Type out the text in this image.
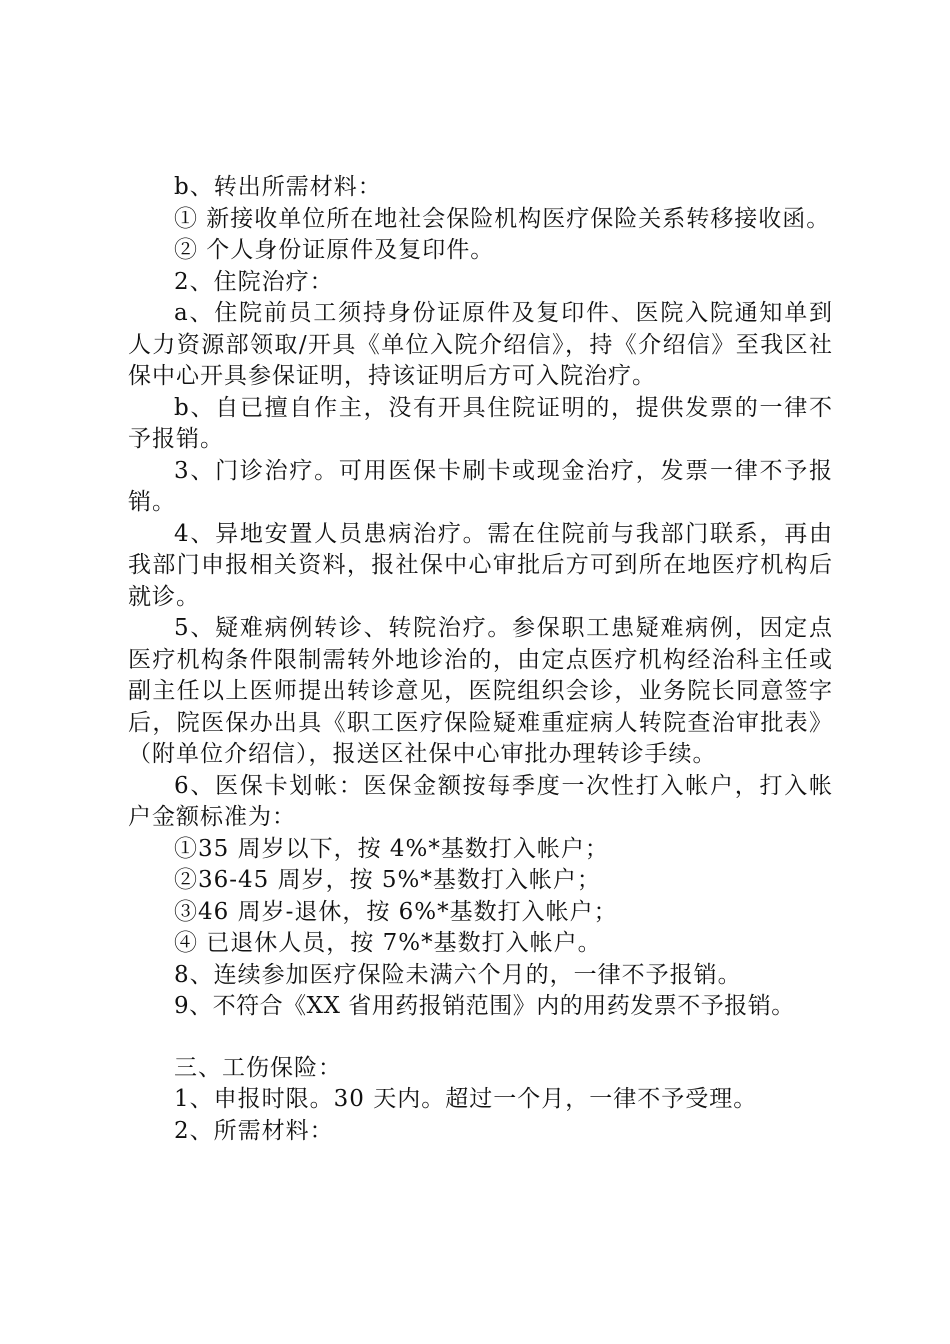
b、转出所需材料：

① 新接收单位所在地社会保险机构医疗保险关系转移接收函。

② 个人身份证原件及复印件。

2、住院治疗：

a、住院前员工须持身份证原件及复印件、医院入院通知单到人力资源部领取/开具《单位入院介绍信》，持《介绍信》至我区社保中心开具参保证明，持该证明后方可入院治疗。

b、自已擅自作主，没有开具住院证明的，提供发票的一律不予报销。

3、门诊治疗。可用医保卡刷卡或现金治疗，发票一律不予报销。

4、异地安置人员患病治疗。需在住院前与我部门联系，再由我部门申报相关资料，报社保中心审批后方可到所在地医疗机构后就诊。

5、疑难病例转诊、转院治疗。参保职工患疑难病例，因定点医疗机构条件限制需转外地诊治的，由定点医疗机构经治科主任或副主任以上医师提出转诊意见，医院组织会诊，业务院长同意签字后，院医保办出具《职工医疗保险疑难重症病人转院查治审批表》（附单位介绍信），报送区社保中心审批办理转诊手续。

6、医保卡划帐：医保金额按每季度一次性打入帐户，打入帐户金额标准为：

①35 周岁以下，按 4%*基数打入帐户；

②36-45 周岁，按 5%*基数打入帐户；

③46 周岁-退休，按 6%*基数打入帐户；

④ 已退休人员，按 7%*基数打入帐户。

8、连续参加医疗保险未满六个月的，一律不予报销。

9、不符合《XX 省用药报销范围》内的用药发票不予报销。

三、工伤保险：

1、申报时限。30 天内。超过一个月，一律不予受理。

2、所需材料：
